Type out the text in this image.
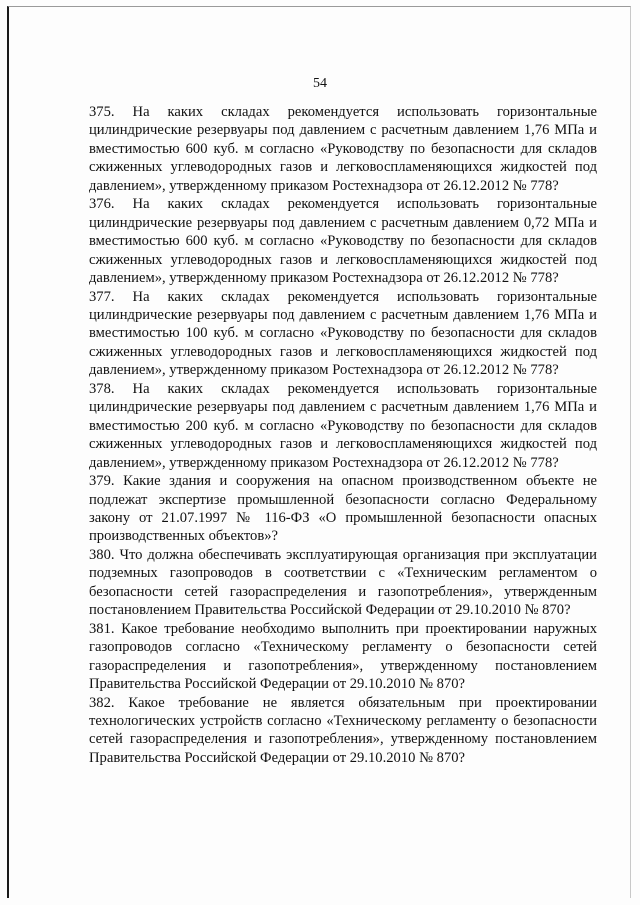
54

375. На каких складах рекомендуется использовать горизонтальные цилиндрические резервуары под давлением с расчетным давлением 1,76 МПа и вместимостью 600 куб. м согласно «Руководству по безопасности для складов сжиженных углеводородных газов и легковоспламеняющихся жидкостей под давлением», утвержденному приказом Ростехнадзора от 26.12.2012 № 778?

376. На каких складах рекомендуется использовать горизонтальные цилиндрические резервуары под давлением с расчетным давлением 0,72 МПа и вместимостью 600 куб. м согласно «Руководству по безопасности для складов сжиженных углеводородных газов и легковоспламеняющихся жидкостей под давлением», утвержденному приказом Ростехнадзора от 26.12.2012 № 778?

377. На каких складах рекомендуется использовать горизонтальные цилиндрические резервуары под давлением с расчетным давлением 1,76 МПа и вместимостью 100 куб. м согласно «Руководству по безопасности для складов сжиженных углеводородных газов и легковоспламеняющихся жидкостей под давлением», утвержденному приказом Ростехнадзора от 26.12.2012 № 778?

378. На каких складах рекомендуется использовать горизонтальные цилиндрические резервуары под давлением с расчетным давлением 1,76 МПа и вместимостью 200 куб. м согласно «Руководству по безопасности для складов сжиженных углеводородных газов и легковоспламеняющихся жидкостей под давлением», утвержденному приказом Ростехнадзора от 26.12.2012 № 778?

379. Какие здания и сооружения на опасном производственном объекте не подлежат экспертизе промышленной безопасности согласно Федеральному закону от 21.07.1997 № 116-ФЗ «О промышленной безопасности опасных производственных объектов»?

380. Что должна обеспечивать эксплуатирующая организация при эксплуатации подземных газопроводов в соответствии с «Техническим регламентом о безопасности сетей газораспределения и газопотребления», утвержденным постановлением Правительства Российской Федерации от 29.10.2010 № 870?

381. Какое требование необходимо выполнить при проектировании наружных газопроводов согласно «Техническому регламенту о безопасности сетей газораспределения и газопотребления», утвержденному постановлением Правительства Российской Федерации от 29.10.2010 № 870?

382. Какое требование не является обязательным при проектировании технологических устройств согласно «Техническому регламенту о безопасности сетей газораспределения и газопотребления», утвержденному постановлением Правительства Российской Федерации от 29.10.2010 № 870?
